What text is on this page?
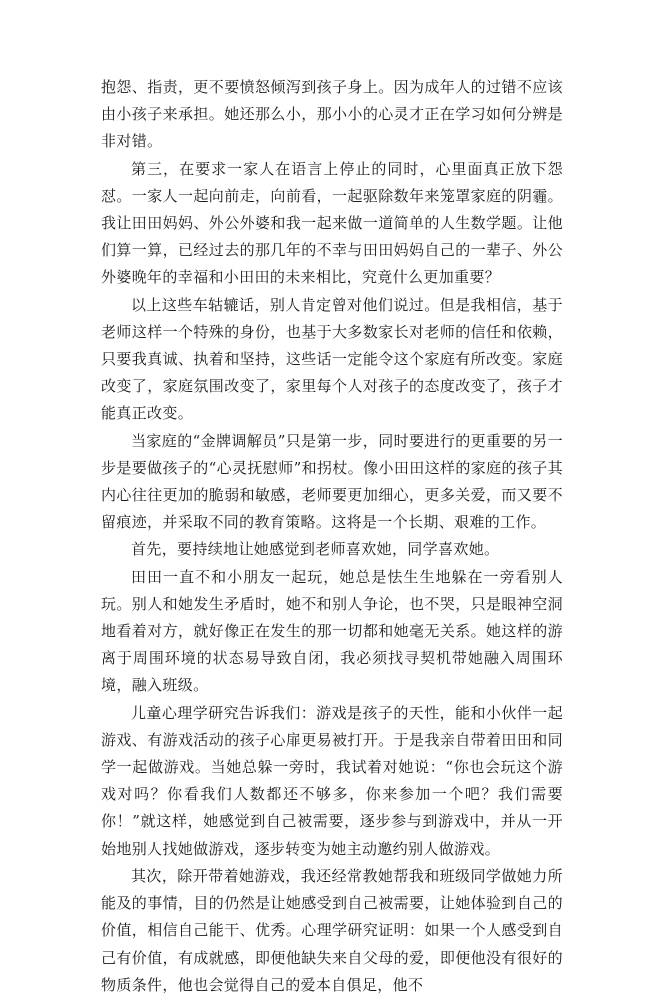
抱怨、指责，更不要愤怒倾泻到孩子身上。因为成年人的过错不应该由小孩子来承担。她还那么小，那小小的心灵才正在学习如何分辨是非对错。

第三，在要求一家人在语言上停止的同时，心里面真正放下怨怼。一家人一起向前走，向前看，一起驱除数年来笼罩家庭的阴霾。我让田田妈妈、外公外婆和我一起来做一道简单的人生数学题。让他们算一算，已经过去的那几年的不幸与田田妈妈自己的一辈子、外公外婆晚年的幸福和小田田的未来相比，究竟什么更加重要？

以上这些车轱辘话，别人肯定曾对他们说过。但是我相信，基于老师这样一个特殊的身份，也基于大多数家长对老师的信任和依赖，只要我真诚、执着和坚持，这些话一定能令这个家庭有所改变。家庭改变了，家庭氛围改变了，家里每个人对孩子的态度改变了，孩子才能真正改变。

当家庭的“金牌调解员”只是第一步，同时要进行的更重要的另一步是要做孩子的“心灵抚慰师”和拐杖。像小田田这样的家庭的孩子其内心往往更加的脆弱和敏感，老师要更加细心，更多关爱，而又要不留痕迹，并采取不同的教育策略。这将是一个长期、艰难的工作。

首先，要持续地让她感觉到老师喜欢她，同学喜欢她。

田田一直不和小朋友一起玩，她总是怯生生地躲在一旁看别人玩。别人和她发生矛盾时，她不和别人争论，也不哭，只是眼神空洞地看着对方，就好像正在发生的那一切都和她毫无关系。她这样的游离于周围环境的状态易导致自闭，我必须找寻契机带她融入周围环境，融入班级。

儿童心理学研究告诉我们：游戏是孩子的天性，能和小伙伴一起游戏、有游戏活动的孩子心扉更易被打开。于是我亲自带着田田和同学一起做游戏。当她总躲一旁时，我试着对她说：“你也会玩这个游戏对吗？你看我们人数都还不够多，你来参加一个吧？我们需要你！”就这样，她感觉到自己被需要，逐步参与到游戏中，并从一开始地别人找她做游戏，逐步转变为她主动邀约别人做游戏。

其次，除开带着她游戏，我还经常教她帮我和班级同学做她力所能及的事情，目的仍然是让她感受到自己被需要，让她体验到自己的价值，相信自己能干、优秀。心理学研究证明：如果一个人感受到自己有价值，有成就感，即便他缺失来自父母的爱，即便他没有很好的物质条件，他也会觉得自己的爱本自俱足，他不
